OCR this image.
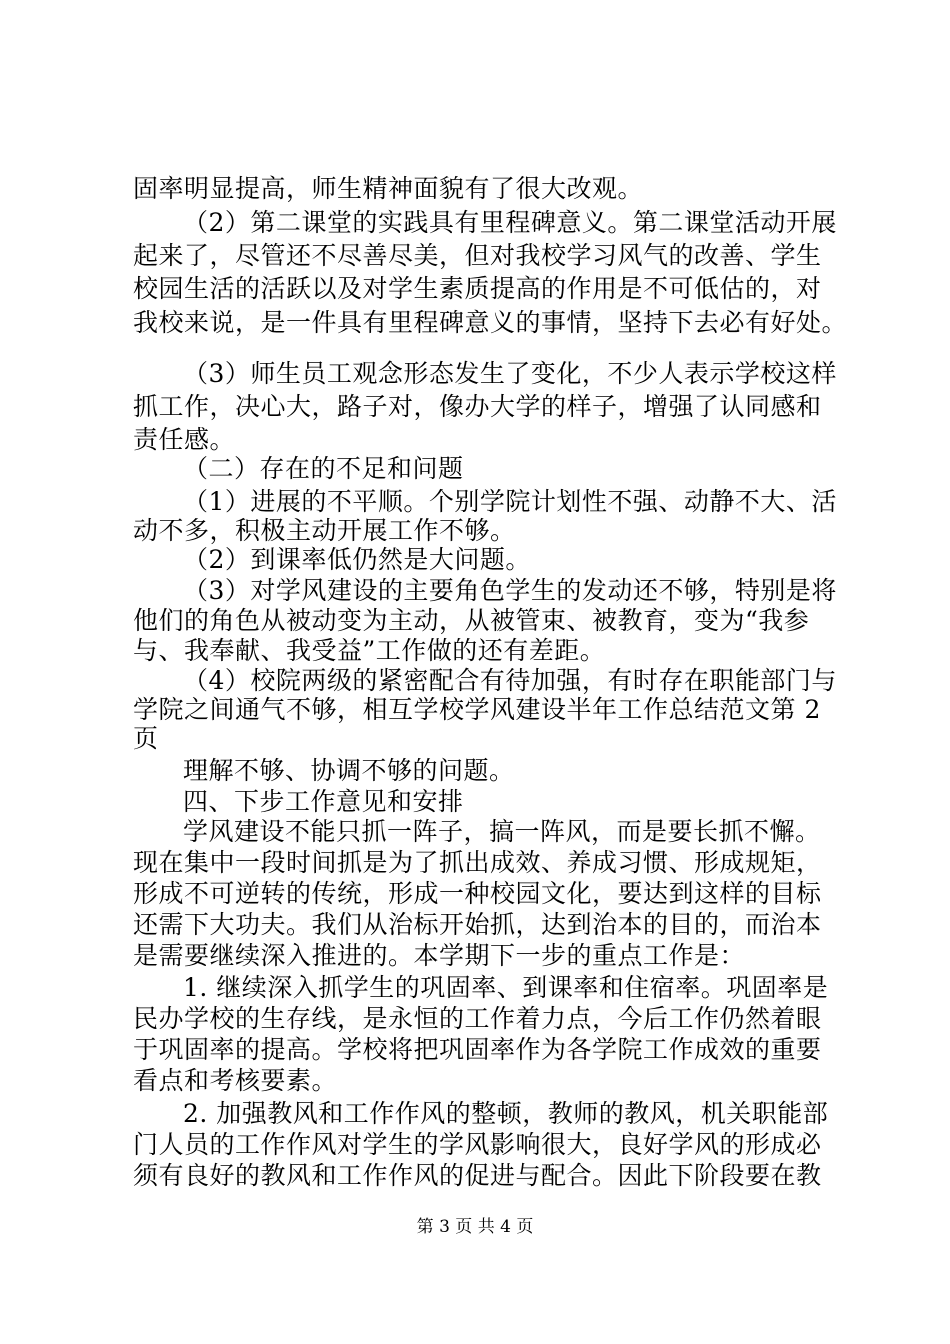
固率明显提高，师生精神面貌有了很大改观。
（2）第二课堂的实践具有里程碑意义。第二课堂活动开展
起来了，尽管还不尽善尽美，但对我校学习风气的改善、学生
校园生活的活跃以及对学生素质提高的作用是不可低估的，对
我校来说，是一件具有里程碑意义的事情，坚持下去必有好处。
（3）师生员工观念形态发生了变化，不少人表示学校这样
抓工作，决心大，路子对，像办大学的样子，增强了认同感和
责任感。
（二）存在的不足和问题
（1）进展的不平顺。个别学院计划性不强、动静不大、活
动不多，积极主动开展工作不够。
（2）到课率低仍然是大问题。
（3）对学风建设的主要角色学生的发动还不够，特别是将
他们的角色从被动变为主动，从被管束、被教育，变为“我参
与、我奉献、我受益”工作做的还有差距。
（4）校院两级的紧密配合有待加强，有时存在职能部门与
学院之间通气不够，相互学校学风建设半年工作总结范文第 2
页
理解不够、协调不够的问题。
四、下步工作意见和安排
学风建设不能只抓一阵子，搞一阵风，而是要长抓不懈。
现在集中一段时间抓是为了抓出成效、养成习惯、形成规矩，
形成不可逆转的传统，形成一种校园文化，要达到这样的目标
还需下大功夫。我们从治标开始抓，达到治本的目的，而治本
是需要继续深入推进的。本学期下一步的重点工作是：
1. 继续深入抓学生的巩固率、到课率和住宿率。巩固率是
民办学校的生存线，是永恒的工作着力点，今后工作仍然着眼
于巩固率的提高。学校将把巩固率作为各学院工作成效的重要
看点和考核要素。
2. 加强教风和工作作风的整顿，教师的教风，机关职能部
门人员的工作作风对学生的学风影响很大，良好学风的形成必
须有良好的教风和工作作风的促进与配合。因此下阶段要在教
第 3 页 共 4 页
